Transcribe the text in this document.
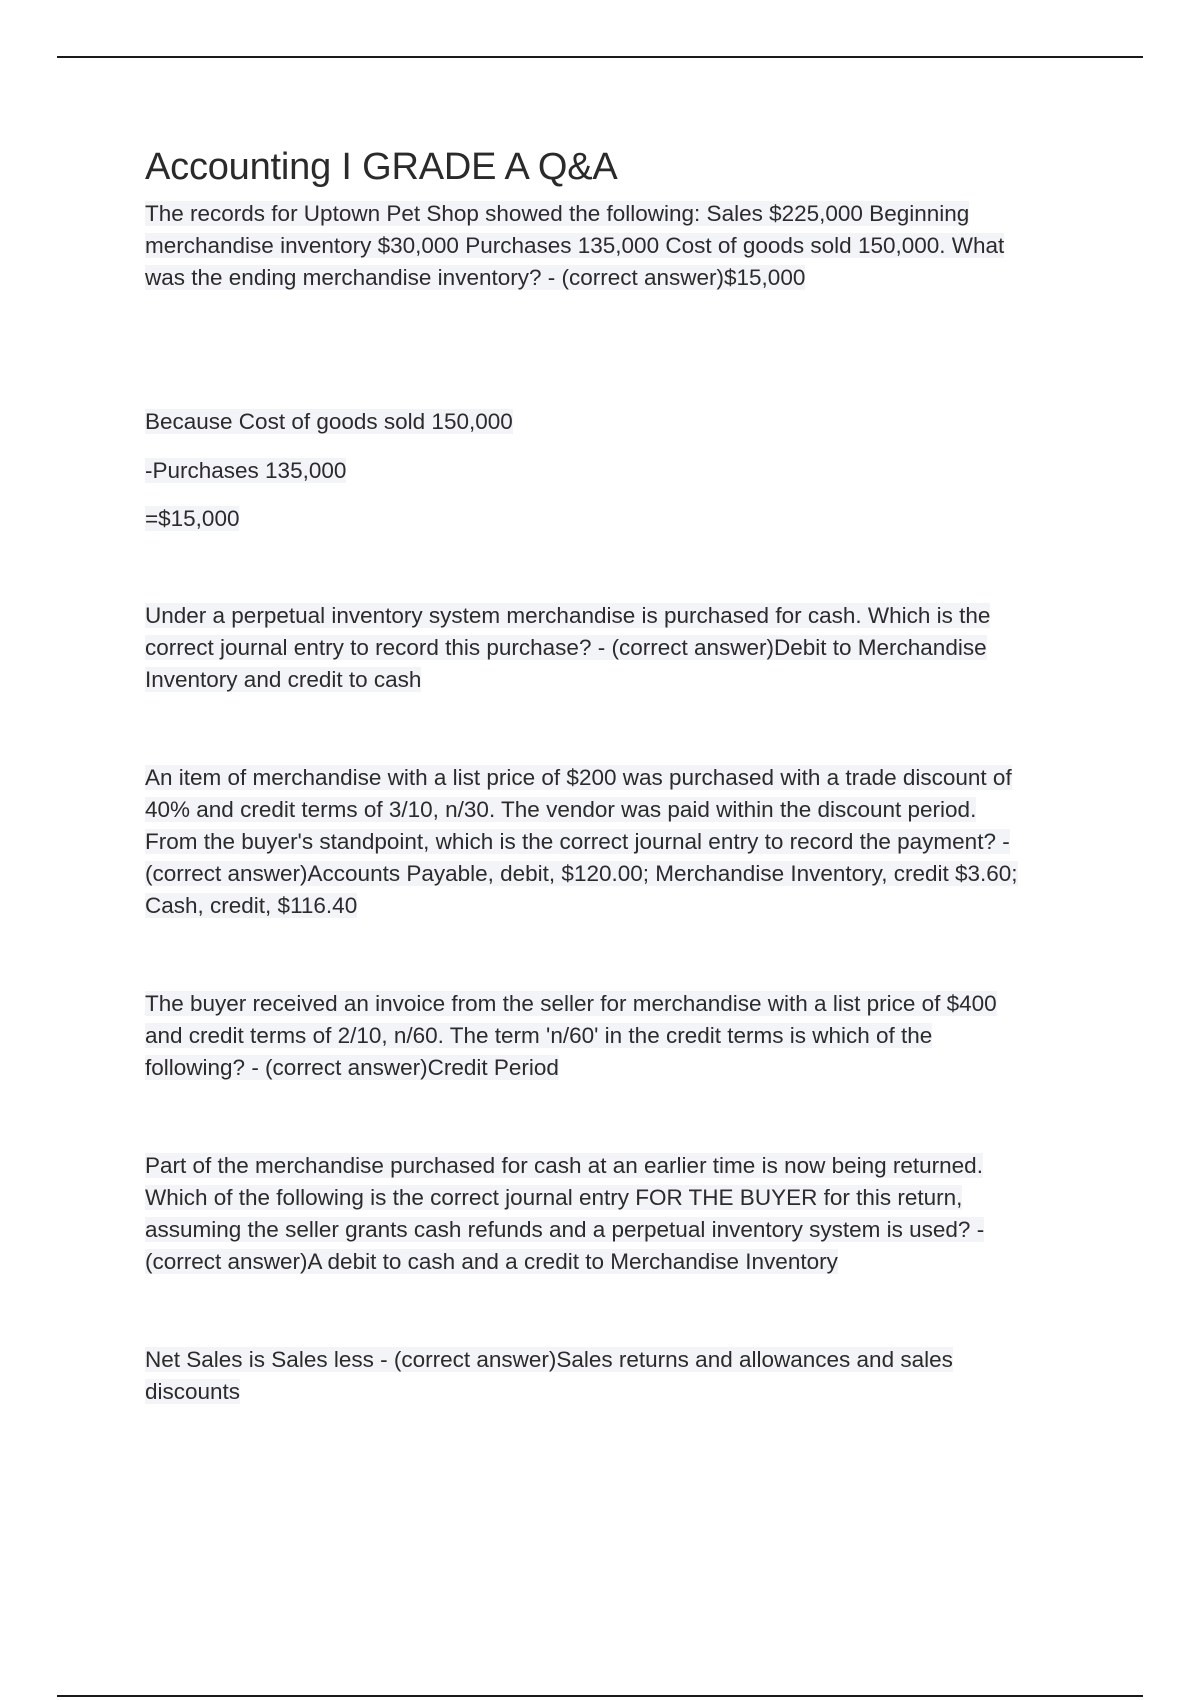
Accounting I GRADE A Q&A

The records for Uptown Pet Shop showed the following: Sales $225,000 Beginning
merchandise inventory $30,000 Purchases 135,000 Cost of goods sold 150,000. What
was the ending merchandise inventory? - (correct answer)$15,000

Because Cost of goods sold 150,000

-Purchases 135,000

=$15,000

Under a perpetual inventory system merchandise is purchased for cash. Which is the
correct journal entry to record this purchase? - (correct answer)Debit to Merchandise
Inventory and credit to cash

An item of merchandise with a list price of $200 was purchased with a trade discount of
40% and credit terms of 3/10, n/30. The vendor was paid within the discount period.
From the buyer's standpoint, which is the correct journal entry to record the payment? -
(correct answer)Accounts Payable, debit, $120.00; Merchandise Inventory, credit $3.60;
Cash, credit, $116.40

The buyer received an invoice from the seller for merchandise with a list price of $400
and credit terms of 2/10, n/60. The term 'n/60' in the credit terms is which of the
following? - (correct answer)Credit Period

Part of the merchandise purchased for cash at an earlier time is now being returned.
Which of the following is the correct journal entry FOR THE BUYER for this return,
assuming the seller grants cash refunds and a perpetual inventory system is used? -
(correct answer)A debit to cash and a credit to Merchandise Inventory

Net Sales is Sales less - (correct answer)Sales returns and allowances and sales
discounts
